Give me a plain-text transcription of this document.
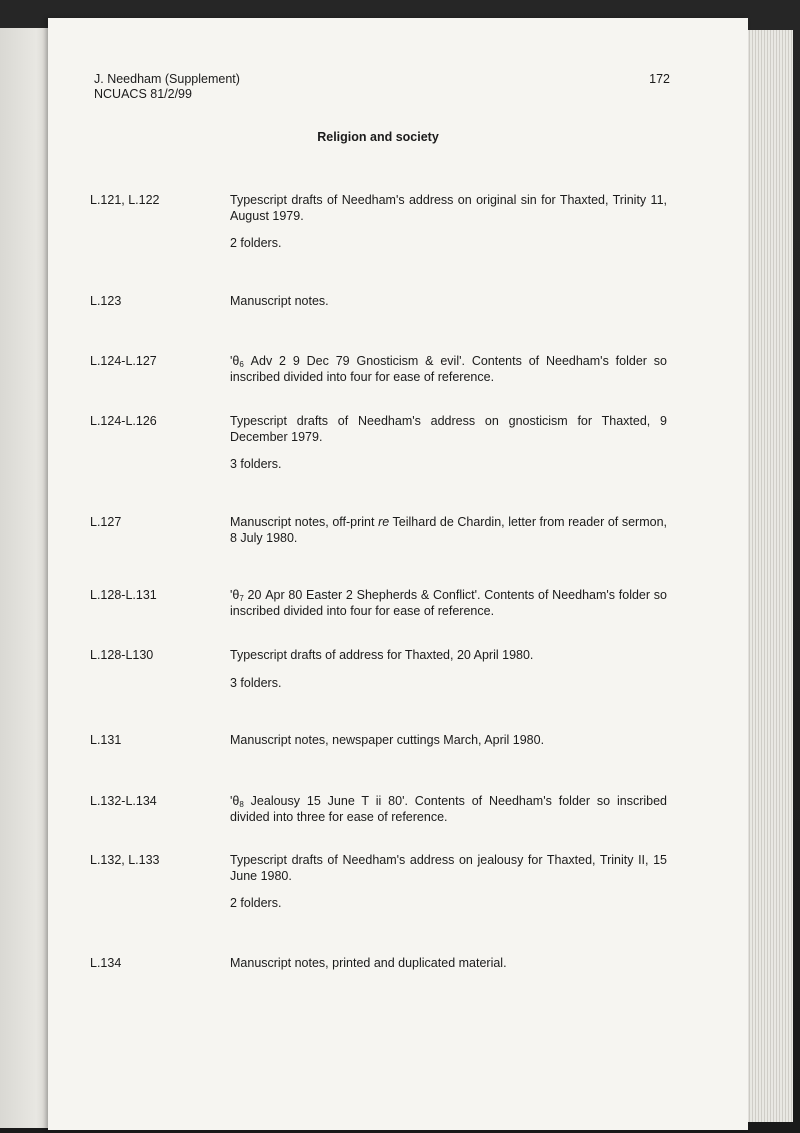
J. Needham (Supplement)
NCUACS 81/2/99
172
Religion and society
L.121, L.122	Typescript drafts of Needham's address on original sin for Thaxted, Trinity 11, August 1979.

2 folders.

L.123	Manuscript notes.

L.124-L.127	'$\theta_6$ Adv 2 9 Dec 79 Gnosticism & evil'. Contents of Needham's folder so inscribed divided into four for ease of reference.

L.124-L.126	Typescript drafts of Needham's address on gnosticism for Thaxted, 9 December 1979.

3 folders.

L.127	Manuscript notes, off-print re Teilhard de Chardin, letter from reader of sermon, 8 July 1980.

L.128-L.131	'$\theta_7$ 20 Apr 80 Easter 2 Shepherds & Conflict'. Contents of Needham's folder so inscribed divided into four for ease of reference.

L.128-L130	Typescript drafts of address for Thaxted, 20 April 1980.

3 folders.

L.131	Manuscript notes, newspaper cuttings March, April 1980.

L.132-L.134	'$\theta_8$ Jealousy 15 June T ii 80'. Contents of Needham's folder so inscribed divided into three for ease of reference.

L.132, L.133	Typescript drafts of Needham's address on jealousy for Thaxted, Trinity II, 15 June 1980.

2 folders.

L.134	Manuscript notes, printed and duplicated material.
